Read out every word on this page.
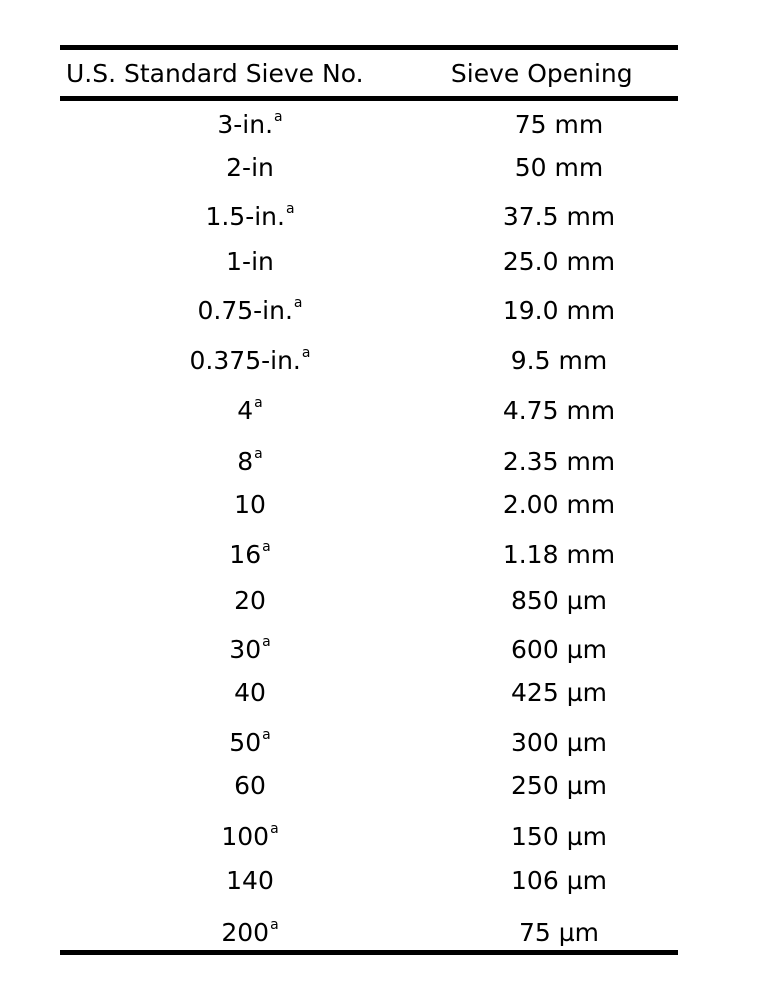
U.S. Standard Sieve No.	Sieve Opening
3-in.$^a$	75 mm
2-in	50 mm
1.5-in.$^a$	37.5 mm
1-in	25.0 mm
0.75-in.$^a$	19.0 mm
0.375-in.$^a$	9.5 mm
4$^a$	4.75 mm
8$^a$	2.35 mm
10	2.00 mm
16$^a$	1.18 mm
20	850 µm
30$^a$	600 µm
40	425 µm
50$^a$	300 µm
60	250 µm
100$^a$	150 µm
140	106 µm
200$^a$	75 µm
